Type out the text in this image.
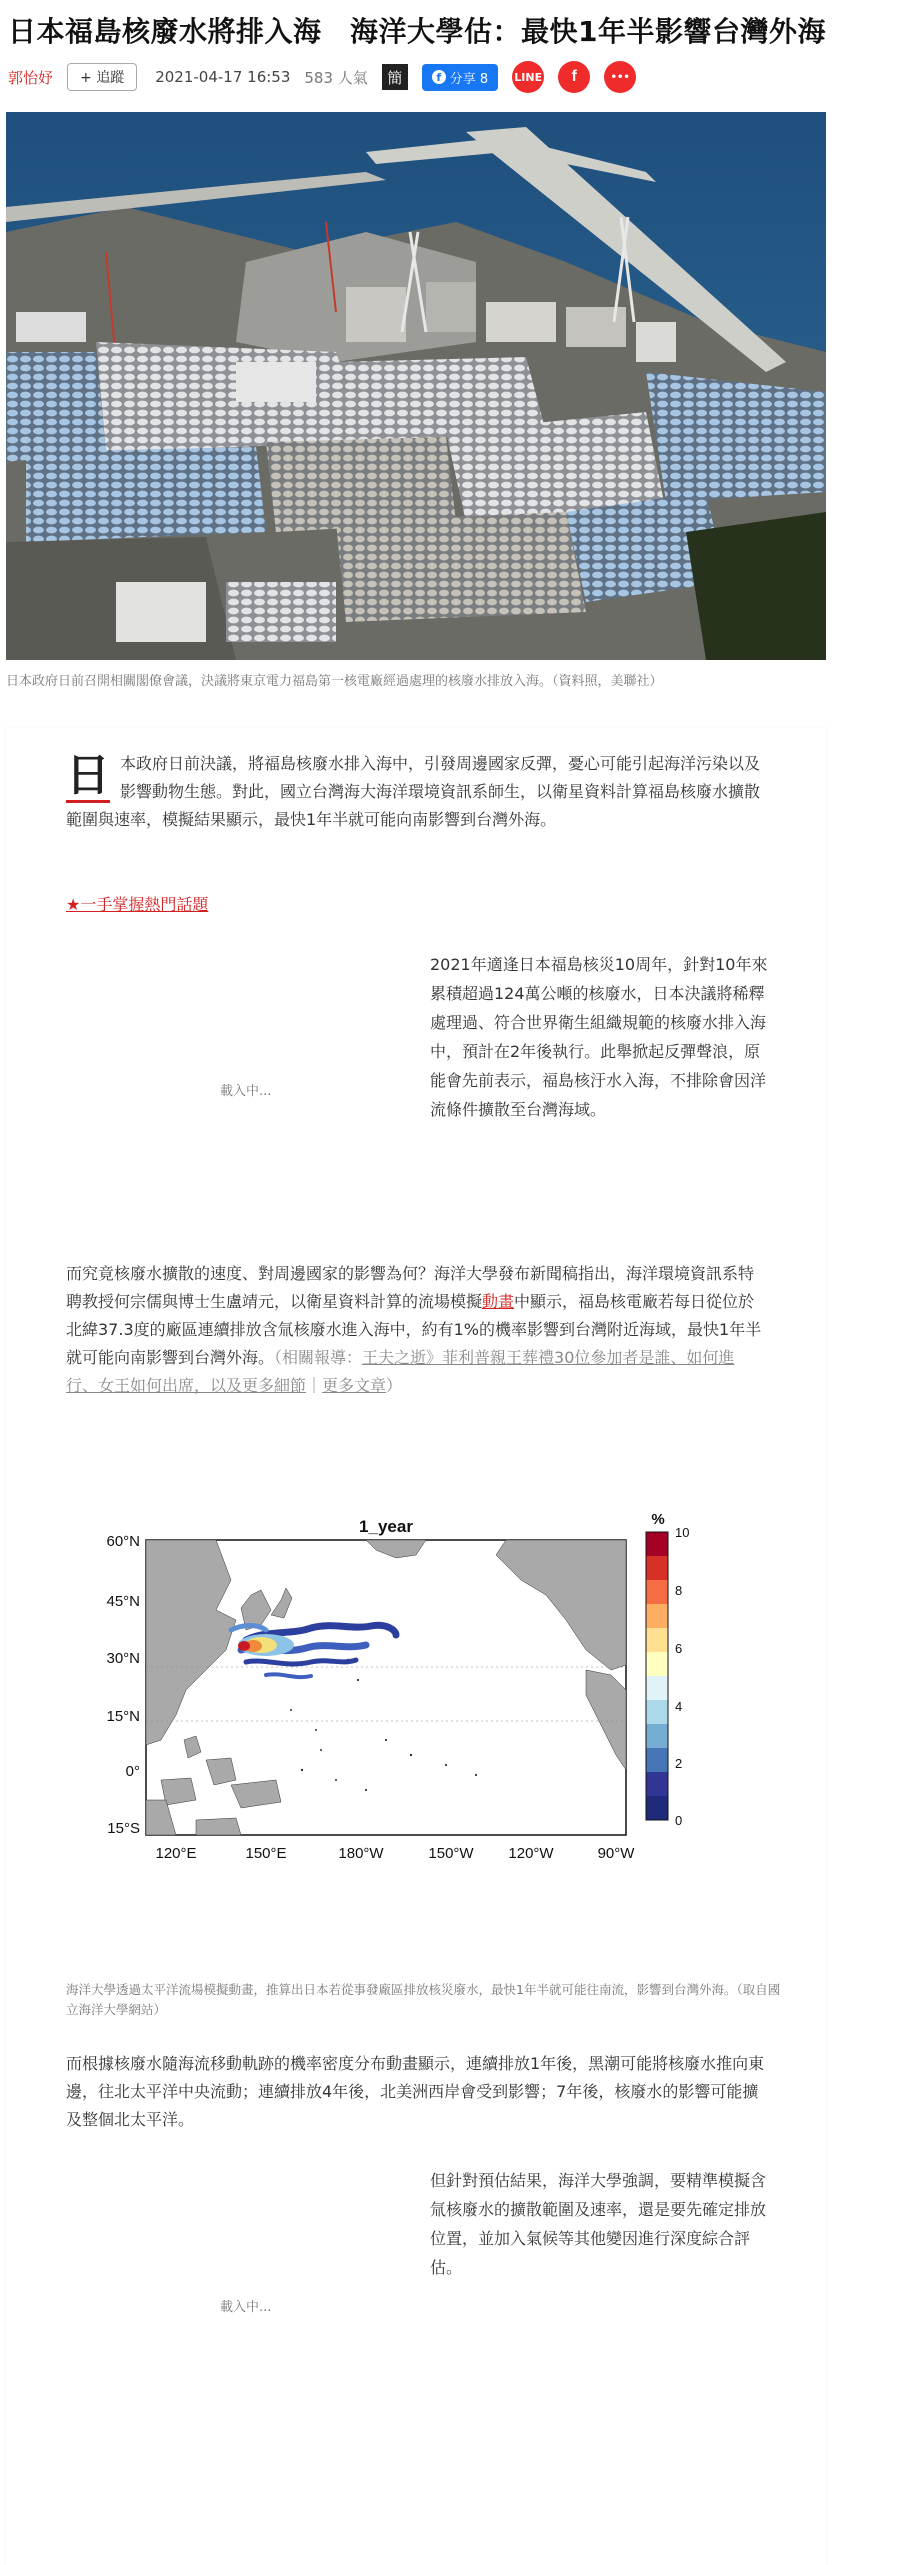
日本福島核廢水將排入海　海洋大學估：最快1年半影響台灣外海
郭怡妤	+ 追蹤	2021-04-17 16:53 583 人氣	簡	f 分享 8 LINE	f	•••
日本政府日前召開相關閣僚會議，決議將東京電力福島第一核電廠經過處理的核廢水排放入海。（資料照，美聯社）
日 本政府日前決議，將福島核廢水排入海中，引發周邊國家反彈，憂心可能引起海洋污染以及影響動物生態。對此，國立台灣海大海洋環境資訊系師生，以衛星資料計算福島核廢水擴散範圍與速率，模擬結果顯示，最快1年半就可能向南影響到台灣外海。
★一手掌握熱門話題
載入中...
2021年適逢日本福島核災10周年，針對10年來累積超過124萬公噸的核廢水，日本決議將稀釋處理過、符合世界衛生組織規範的核廢水排入海中，預計在2年後執行。此舉掀起反彈聲浪，原能會先前表示，福島核汙水入海，不排除會因洋流條件擴散至台灣海域。
而究竟核廢水擴散的速度、對周邊國家的影響為何？海洋大學發布新聞稿指出，海洋環境資訊系特聘教授何宗儒與博士生盧靖元，以衛星資料計算的流場模擬動畫中顯示，福島核電廠若每日從位於北緯37.3度的廠區連續排放含氚核廢水進入海中，約有1%的機率影響到台灣附近海域，最快1年半就可能向南影響到台灣外海。（相關報導：王夫之逝》菲利普親王葬禮30位參加者是誰、如何進行、女王如何出席，以及更多細節｜更多文章）
1_year
60°N
45°N
30°N
15°N
0°
15°S
120°E	150°E	180°W	150°W 120°W	90°W
%
10
8
6
4
2
0
海洋大學透過太平洋流場模擬動畫，推算出日本若從事發廠區排放核災廢水，最快1年半就可能往南流，影響到台灣外海。（取自國立海洋大學網站）
而根據核廢水隨海流移動軌跡的機率密度分布動畫顯示，連續排放1年後，黑潮可能將核廢水推向東邊，往北太平洋中央流動；連續排放4年後，北美洲西岸會受到影響；7年後，核廢水的影響可能擴及整個北太平洋。
但針對預估結果，海洋大學強調，要精準模擬含氚核廢水的擴散範圍及速率，還是要先確定排放位置，並加入氣候等其他變因進行深度綜合評估。
載入中...
